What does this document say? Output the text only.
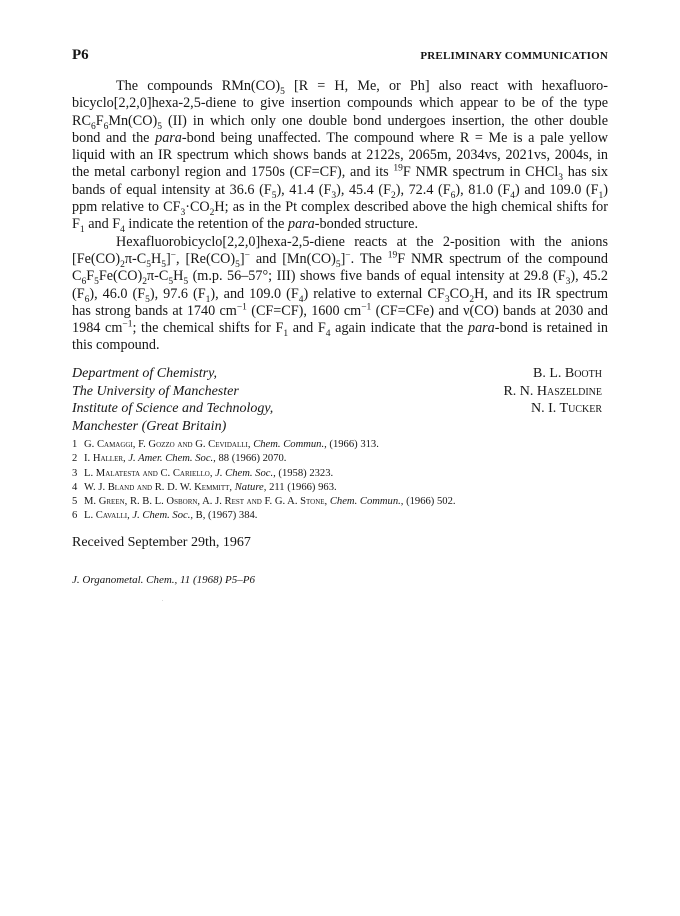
P6	PRELIMINARY COMMUNICATION

The compounds $RMn(CO)_5$ [R = H, Me, or Ph] also react with hexafluorobicyclo[2,2,0]hexa-2,5-diene to give insertion compounds which appear to be of the type $RC_6F_6Mn(CO)_5$ (II) in which only one double bond undergoes insertion, the other double bond and the para-bond being unaffected. The compound where R = Me is a pale yellow liquid with an IR spectrum which shows bands at 2122s, 2065m, 2034vs, 2021vs, 2004s, in the metal carbonyl region and 1750s (CF=CF), and its $^{19}$F NMR spectrum in CHCl$_3$ has six bands of equal intensity at 36.6 $(F_5)$, 41.4 $(F_3)$, 45.4 $(F_2)$, 72.4 $(F_6)$, 81.0 $(F_4)$ and 109.0 $(F_1)$ ppm relative to $CF_3\cdot CO_2H$; as in the Pt complex described above the high chemical shifts for $F_1$ and $F_4$ indicate the retention of the para-bonded structure.

Hexafluorobicyclo[2,2,0]hexa-2,5-diene reacts at the 2-position with the anions $[Fe(CO)_2\pi-C_5H_5]^-$, $[Re(CO)_5]^-$ and $[Mn(CO)_5]^-$. The $^{19}$F NMR spectrum of the compound $C_6F_5Fe(CO)_2\pi-C_5H_5$ (m.p. 56–57°; III) shows five bands of equal intensity at 29.8 $(F_3)$, 45.2 $(F_6)$, 46.0 $(F_5)$, 97.6 $(F_1)$, and 109.0 $(F_4)$ relative to external $CF_3CO_2H$, and its IR spectrum has strong bands at 1740 $cm^{-1}$ (CF=CF), 1600 $cm^{-1}$ (CF=CFe) and ν(CO) bands at 2030 and 1984 $cm^{-1}$; the chemical shifts for $F_1$ and $F_4$ again indicate that the para-bond is retained in this compound.

Department of Chemistry,
The University of Manchester
Institute of Science and Technology,
Manchester (Great Britain)
B. L. Booth
R. N. Haszeldine
N. I. Tucker
1 G. Camaggi, F. Gozzo and G. Cevidalli, Chem. Commun., (1966) 313.
2 I. Haller, J. Amer. Chem. Soc., 88 (1966) 2070.
3 L. Malatesta and C. Cariello, J. Chem. Soc., (1958) 2323.
4 W. J. Bland and R. D. W. Kemmitt, Nature, 211 (1966) 963.
5 M. Green, R. B. L. Osborn, A. J. Rest and F. G. A. Stone, Chem. Commun., (1966) 502.
6 L. Cavalli, J. Chem. Soc., B, (1967) 384.
Received September 29th, 1967
J. Organometal. Chem., 11 (1968) P5–P6
